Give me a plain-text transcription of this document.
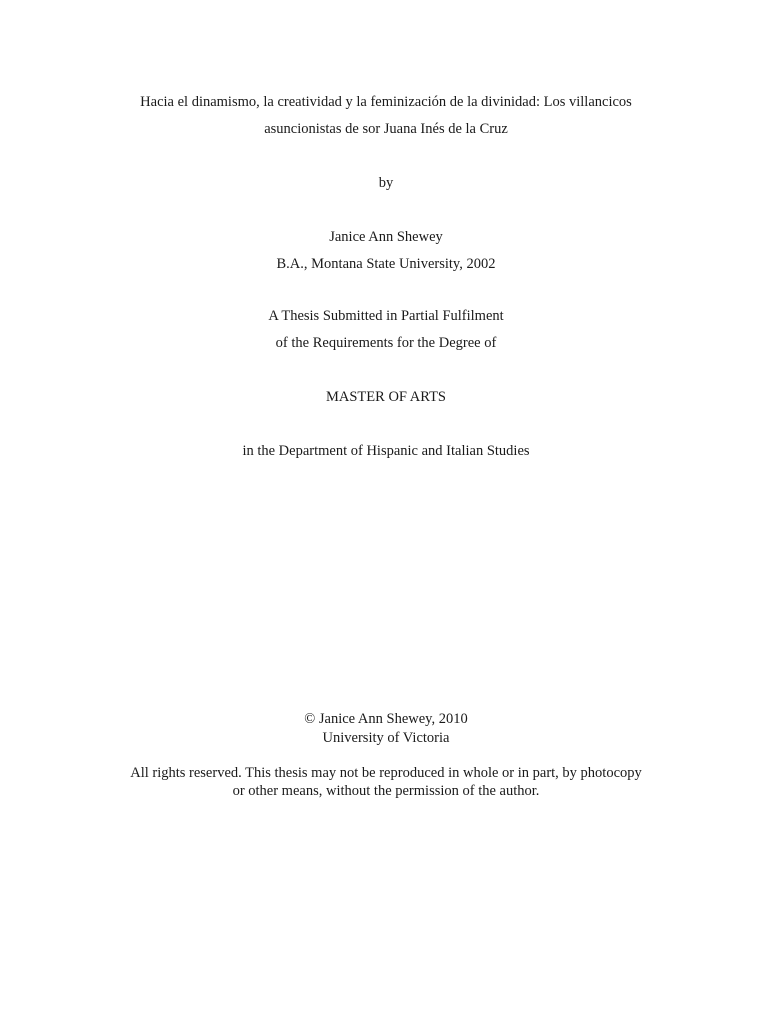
Hacia el dinamismo, la creatividad y la feminización de la divinidad: Los villancicos
asuncionistas de sor Juana Inés de la Cruz
by
Janice Ann Shewey
B.A., Montana State University, 2002
A Thesis Submitted in Partial Fulfilment
of the Requirements for the Degree of
MASTER OF ARTS
in the Department of Hispanic and Italian Studies
© Janice Ann Shewey, 2010
University of Victoria
All rights reserved. This thesis may not be reproduced in whole or in part, by photocopy
or other means, without the permission of the author.
